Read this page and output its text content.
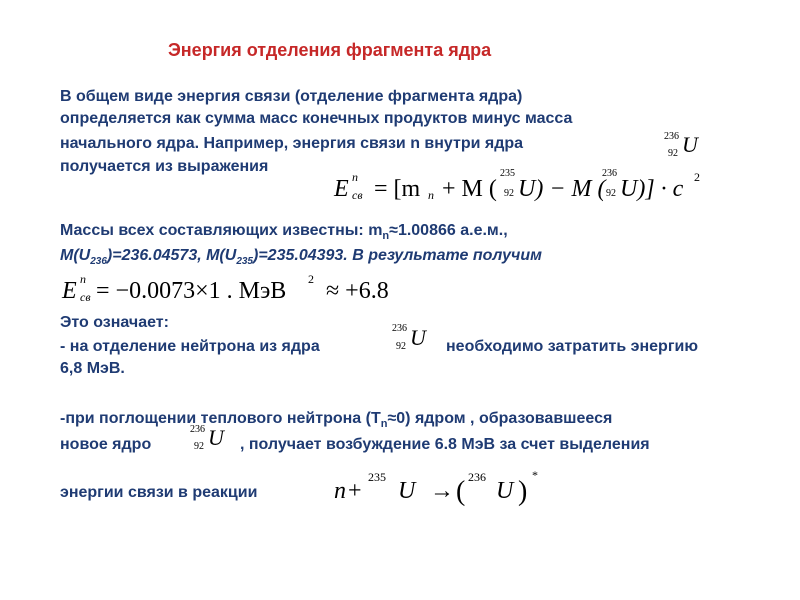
Энергия отделения фрагмента ядра
В общем виде энергия связи (отделение фрагмента ядра)
определяется как сумма масс конечных продуктов минус масса
начального ядра. Например, энергия связи n внутри ядра
получается из выражения
236
92 U
E n
св = [m n + M (
235
92 U) − M (
236
92 U)] · c 2
Массы всех составляющих известны: $m_n\approx 1.00866$ а.е.м.,
$M(U_{236})=236.04573$, $M(U_{235})=235.04393$. В результате получим
E n
св = −0.0073×1 . МэВ 2 ≈ +6.8
Это означает:
- на отделение нейтрона из ядра
236
92 U необходимо затратить энергию
6,8 МэВ.
-при поглощении теплового нейтрона $(T_n\approx 0)$ ядром , образовавшееся
новое ядро
236
92 U , получает возбуждение 6.8 МэВ за счет выделения
энергии связи в реакции	n +
235
U → ( 236
U )
*
